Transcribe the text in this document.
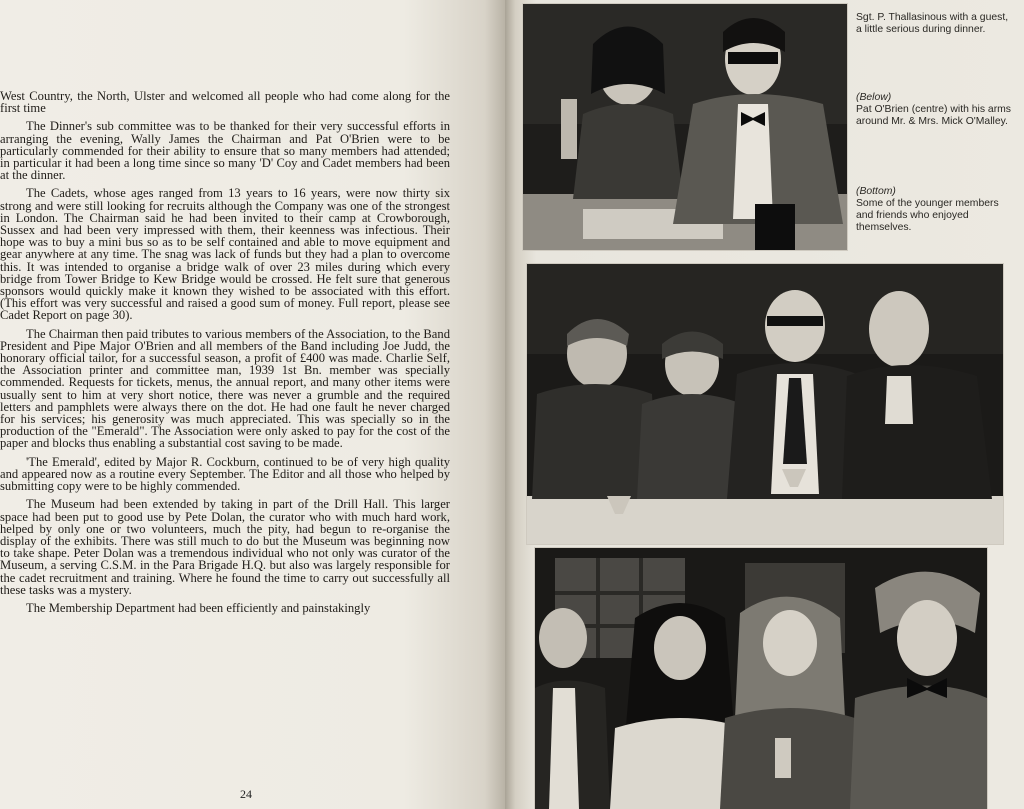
West Country, the North, Ulster and welcomed all people who had come along for the first time

The Dinner's sub committee was to be thanked for their very successful efforts in arranging the evening, Wally James the Chairman and Pat O'Brien were to be particularly commended for their ability to ensure that so many members had attended; in particular it had been a long time since so many 'D' Coy and Cadet members had been at the dinner.

The Cadets, whose ages ranged from 13 years to 16 years, were now thirty six strong and were still looking for recruits although the Company was one of the strongest in London. The Chairman said he had been invited to their camp at Crowborough, Sussex and had been very impressed with them, their keenness was infectious. Their hope was to buy a mini bus so as to be self contained and able to move equipment and gear anywhere at any time. The snag was lack of funds but they had a plan to overcome this. It was intended to organise a bridge walk of over 23 miles during which every bridge from Tower Bridge to Kew Bridge would be crossed. He felt sure that generous sponsors would quickly make it known they wished to be associated with this effort. (This effort was very successful and raised a good sum of money. Full report, please see Cadet Report on page 30).

The Chairman then paid tributes to various members of the Association, to the Band President and Pipe Major O'Brien and all members of the Band including Joe Judd, the honorary official tailor, for a successful season, a profit of £400 was made. Charlie Self, the Association printer and committee man, 1939 1st Bn. member was specially commended. Requests for tickets, menus, the annual report, and many other items were usually sent to him at very short notice, there was never a grumble and the required letters and pamphlets were always there on the dot. He had one fault he never charged for his services; his generosity was much appreciated. This was specially so in the production of the "Emerald". The Association were only asked to pay for the cost of the paper and blocks thus enabling a substantial cost saving to be made.

'The Emerald', edited by Major R. Cockburn, continued to be of very high quality and appeared now as a routine every September. The Editor and all those who helped by submitting copy were to be highly commended.

The Museum had been extended by taking in part of the Drill Hall. This larger space had been put to good use by Pete Dolan, the curator who with much hard work, helped by only one or two volunteers, much the pity, had begun to re-organise the display of the exhibits. There was still much to do but the Museum was beginning now to take shape. Peter Dolan was a tremendous individual who not only was curator of the Museum, a serving C.S.M. in the Para Brigade H.Q. but also was largely responsible for the cadet recruitment and training. Where he found the time to carry out successfully all these tasks was a mystery.

The Membership Department had been efficiently and painstakingly

24
Sgt. P. Thallasinous with a guest, a little serious during dinner.
(Below)
Pat O'Brien (centre) with his arms around Mr. & Mrs. Mick O'Malley.
(Bottom)
Some of the younger members and friends who enjoyed themselves.
